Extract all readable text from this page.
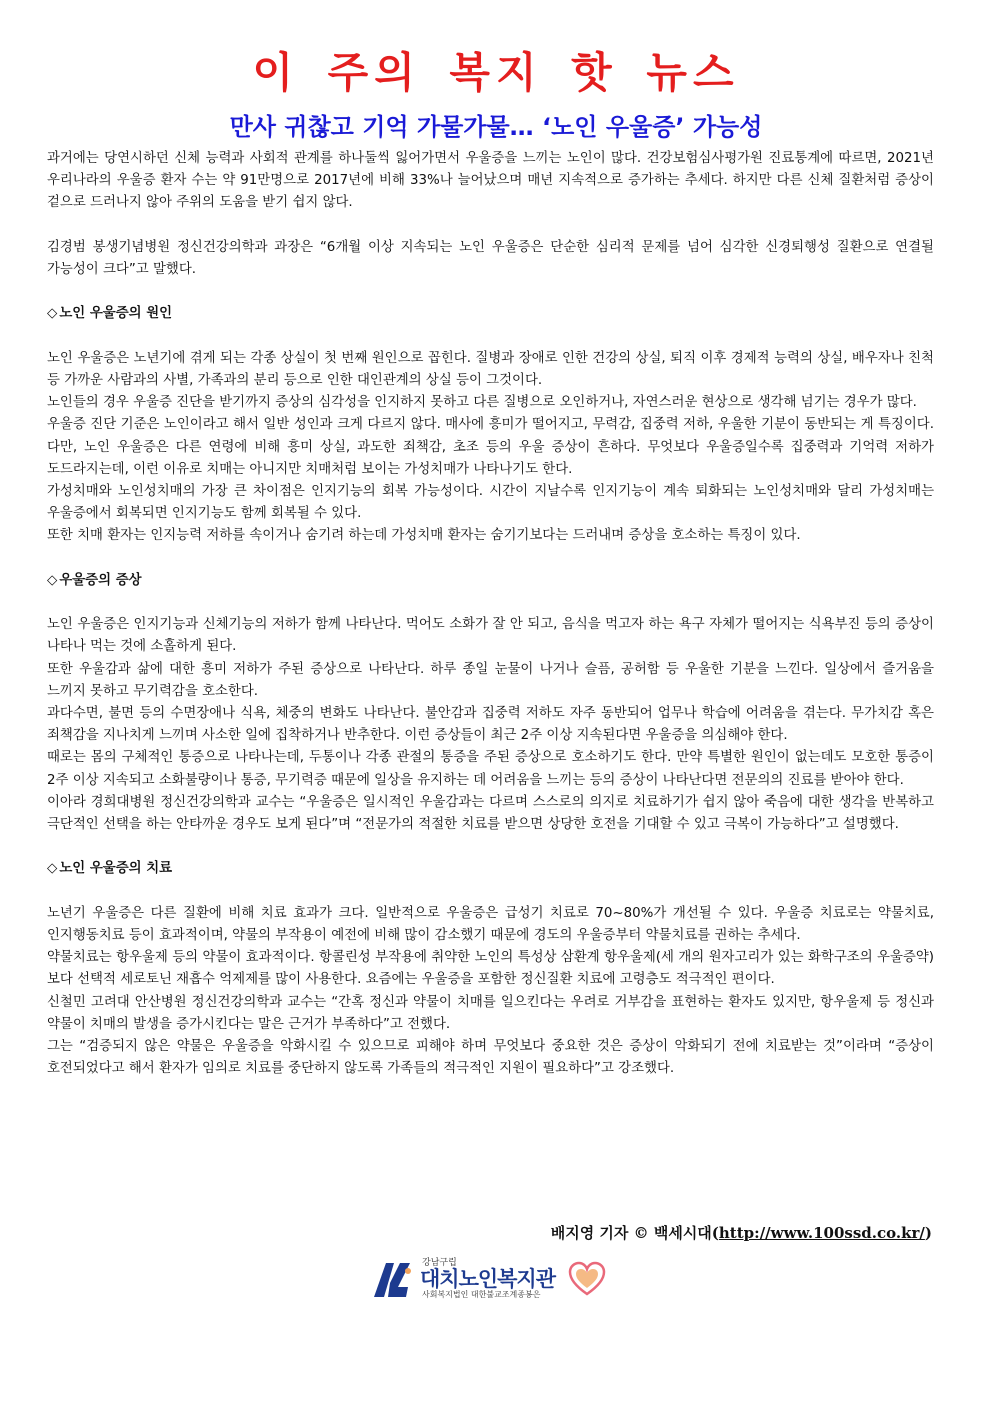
이 주의 복지 핫 뉴스
만사 귀찮고 기억 가물가물… ‘노인 우울증’ 가능성

과거에는 당연시하던 신체 능력과 사회적 관계를 하나둘씩 잃어가면서 우울증을 느끼는 노인이 많다. 건강보험심사평가원 진료통계에 따르면, 2021년 우리나라의 우울증 환자 수는 약 91만명으로 2017년에 비해 33%나 늘어났으며 매년 지속적으로 증가하는 추세다. 하지만 다른 신체 질환처럼 증상이 겉으로 드러나지 않아 주위의 도움을 받기 쉽지 않다.

김경범 봉생기념병원 정신건강의학과 과장은 “6개월 이상 지속되는 노인 우울증은 단순한 심리적 문제를 넘어 심각한 신경퇴행성 질환으로 연결될 가능성이 크다”고 말했다.

◇ 노인 우울증의 원인

노인 우울증은 노년기에 겪게 되는 각종 상실이 첫 번째 원인으로 꼽힌다. 질병과 장애로 인한 건강의 상실, 퇴직 이후 경제적 능력의 상실, 배우자나 친척 등 가까운 사람과의 사별, 가족과의 분리 등으로 인한 대인관계의 상실 등이 그것이다.

노인들의 경우 우울증 진단을 받기까지 증상의 심각성을 인지하지 못하고 다른 질병으로 오인하거나, 자연스러운 현상으로 생각해 넘기는 경우가 많다.

우울증 진단 기준은 노인이라고 해서 일반 성인과 크게 다르지 않다. 매사에 흥미가 떨어지고, 무력감, 집중력 저하, 우울한 기분이 동반되는 게 특징이다. 다만, 노인 우울증은 다른 연령에 비해 흥미 상실, 과도한 죄책감, 초조 등의 우울 증상이 흔하다. 무엇보다 우울증일수록 집중력과 기억력 저하가 도드라지는데, 이런 이유로 치매는 아니지만 치매처럼 보이는 가성치매가 나타나기도 한다.

가성치매와 노인성치매의 가장 큰 차이점은 인지기능의 회복 가능성이다. 시간이 지날수록 인지기능이 계속 퇴화되는 노인성치매와 달리 가성치매는 우울증에서 회복되면 인지기능도 함께 회복될 수 있다.

또한 치매 환자는 인지능력 저하를 속이거나 숨기려 하는데 가성치매 환자는 숨기기보다는 드러내며 증상을 호소하는 특징이 있다.

◇ 우울증의 증상

노인 우울증은 인지기능과 신체기능의 저하가 함께 나타난다. 먹어도 소화가 잘 안 되고, 음식을 먹고자 하는 욕구 자체가 떨어지는 식욕부진 등의 증상이 나타나 먹는 것에 소홀하게 된다.

또한 우울감과 삶에 대한 흥미 저하가 주된 증상으로 나타난다. 하루 종일 눈물이 나거나 슬픔, 공허함 등 우울한 기분을 느낀다. 일상에서 즐거움을 느끼지 못하고 무기력감을 호소한다.

과다수면, 불면 등의 수면장애나 식욕, 체중의 변화도 나타난다. 불안감과 집중력 저하도 자주 동반되어 업무나 학습에 어려움을 겪는다. 무가치감 혹은 죄책감을 지나치게 느끼며 사소한 일에 집착하거나 반추한다. 이런 증상들이 최근 2주 이상 지속된다면 우울증을 의심해야 한다.

때로는 몸의 구체적인 통증으로 나타나는데, 두통이나 각종 관절의 통증을 주된 증상으로 호소하기도 한다. 만약 특별한 원인이 없는데도 모호한 통증이 2주 이상 지속되고 소화불량이나 통증, 무기력증 때문에 일상을 유지하는 데 어려움을 느끼는 등의 증상이 나타난다면 전문의의 진료를 받아야 한다.

이아라 경희대병원 정신건강의학과 교수는 “우울증은 일시적인 우울감과는 다르며 스스로의 의지로 치료하기가 쉽지 않아 죽음에 대한 생각을 반복하고 극단적인 선택을 하는 안타까운 경우도 보게 된다”며 “전문가의 적절한 치료를 받으면 상당한 호전을 기대할 수 있고 극복이 가능하다”고 설명했다.

◇ 노인 우울증의 치료

노년기 우울증은 다른 질환에 비해 치료 효과가 크다. 일반적으로 우울증은 급성기 치료로 70~80%가 개선될 수 있다. 우울증 치료로는 약물치료, 인지행동치료 등이 효과적이며, 약물의 부작용이 예전에 비해 많이 감소했기 때문에 경도의 우울증부터 약물치료를 권하는 추세다.

약물치료는 항우울제 등의 약물이 효과적이다. 항콜린성 부작용에 취약한 노인의 특성상 삼환계 항우울제(세 개의 원자고리가 있는 화학구조의 우울증약)보다 선택적 세로토닌 재흡수 억제제를 많이 사용한다. 요즘에는 우울증을 포함한 정신질환 치료에 고령층도 적극적인 편이다.

신철민 고려대 안산병원 정신건강의학과 교수는 “간혹 정신과 약물이 치매를 일으킨다는 우려로 거부감을 표현하는 환자도 있지만, 항우울제 등 정신과 약물이 치매의 발생을 증가시킨다는 말은 근거가 부족하다”고 전했다.

그는 “검증되지 않은 약물은 우울증을 악화시킬 수 있으므로 피해야 하며 무엇보다 중요한 것은 증상이 악화되기 전에 치료받는 것”이라며 “증상이 호전되었다고 해서 환자가 임의로 치료를 중단하지 않도록 가족들의 적극적인 지원이 필요하다”고 강조했다.

배지영 기자 © 백세시대(http://www.100ssd.co.kr/)
강남구립
대치노인복지관
사회복지법인 대한불교조계종봉은
